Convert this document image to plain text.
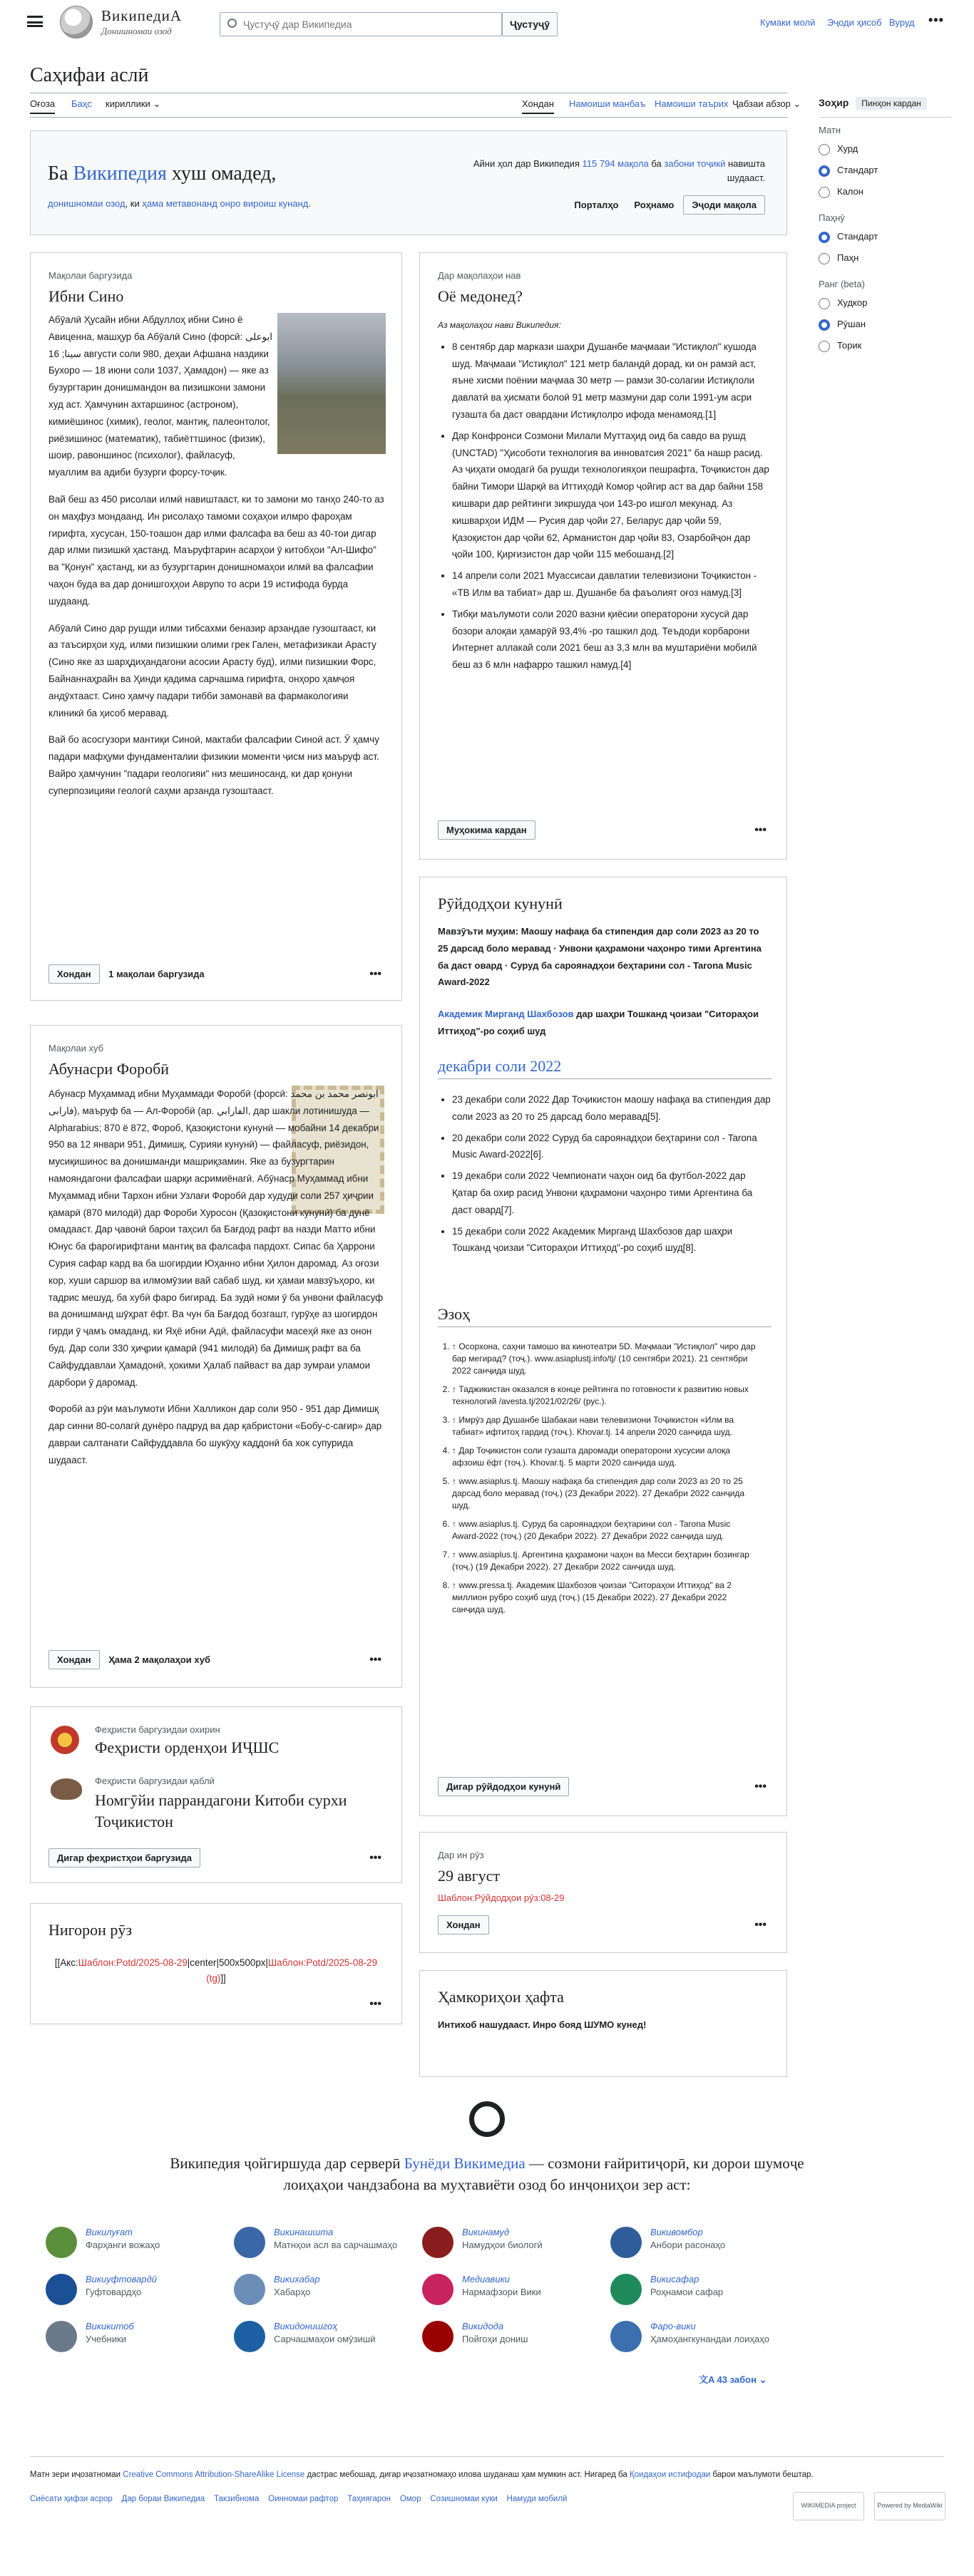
ВикипедиА
Донишномаи озод
Ҷустуҷӯ дар Википедиа
Ҷустуҷӯ	Кумаки молӣ Эҷоди ҳисоб Вуруд •••
Саҳифаи аслӣ
Оғоза Баҳс кириллики ⌄	Хондан Намоиши манбаъ Намоиши таърих Ҷабзаи абзор ⌄
Ба Википедия хуш омадед,
донишномаи озод, ки ҳама метавонанд онро вироиш кунанд.
Айни ҳол дар Википедия 115 794 мақола ба забони тоҷикӣ навишта шудааст.
Порталҳо Роҳнамо Эҷоди мақола
Мақолаи баргузида
Ибни Сино

Абӯалӣ Ҳусайн ибни Абдуллоҳ ибни Сино ё Авиценна, машҳур ба Абӯалӣ Сино (форсӣ: ابوعلی سینا; 16 августи соли 980, деҳаи Афшана наздики Бухоро — 18 июни соли 1037, Ҳамадон) — яке аз бузургтарин донишмандон ва пизишкони замони худ аст. Ҳамчунин ахтаршинос (астроном), кимиёшинос (химик), геолог, мантиқ, палеонтолог, риёзишинос (математик), табиёттшинос (физик), шоир, равоншинос (психолог), файласуф, муаллим ва адиби бузурги форсу-тоҷик.

Вай беш аз 450 рисолаи илмӣ навиштааст, ки то замони мо танҳо 240-то аз он маҳфуз мондаанд. Ин рисолаҳо тамоми соҳаҳои илмро фароҳам гирифта, хусусан, 150-тоашон дар илми фалсафа ва беш аз 40-тои дигар дар илми пизишкӣ ҳастанд. Маъруфтарин асарҳои ӯ китобҳои "Ал-Шифо" ва "Қонун" ҳастанд, ки аз бузургтарин донишномаҳои илмӣ ва фалсафии чаҳон буда ва дар донишгоҳҳои Аврупо то асри 19 истифода бурда шудаанд.

Абӯалӣ Сино дар рушди илми тибсахми беназир арзандае гузоштааст, ки аз таъсирҳои худ, илми пизишкии олими грек Гален, метафизикаи Арасту (Сино яке аз шарҳдиҳандагони асосии Арасту буд), илми пизишкии Форс, Байнаннаҳрайн ва Ҳинди қадима сарчашма гирифта, онҳоро ҳамҷоя андӯхтааст. Сино ҳамчу падари тибби замонавӣ ва фармакологияи клиникӣ ба ҳисоб меравад.

Вай бо асосгузори мантиқи Синоӣ, мактаби фалсафии Синоӣ аст. Ӯ ҳамчу падари мафҳуми фундаменталии физикии моменти ҷисм низ маъруф аст. Вайро ҳамчунин "падари геологияи" низ мешиносанд, ки дар қонуни суперпозицияи геологӣ саҳми арзанда гузоштааст.

Хондан 1 мақолаи баргузида	•••
Мақолаи хуб
Абунасри Форобӣ

Абунаср Муҳаммад ибни Муҳаммади Форобӣ (форсӣ: ابونصر محمد بن محمد فارابی), маъруф ба — Ал-Форобӣ (ар. الفارابي, дар шакли лотинишуда — Alpharabius; 870 ё 872, Фороб, Қазоқистони кунунӣ — мобайни 14 декабри 950 ва 12 январи 951, Димишқ, Сурияи кунунӣ) — файласуф, риёзидон, мусиқишинос ва донишманди машриқзамин. Яке аз бузургтарин намояндагони фалсафаи шарқи асримиёнагӣ. Абӯнаср Муҳаммад ибни Муҳаммад ибни Тархон ибни Узлағи Форобӣ дар худуди соли 257 ҳиҷрии қамарӣ (870 милодӣ) дар Фороби Хуросон (Қазоқистони кунунӣ) ба дунё омадааст. Дар ҷавонӣ барои таҳсил ба Бағдод рафт ва назди Матто ибни Юнус ба фарогирифтани мантиқ ва фалсафа пардохт. Сипас ба Ҳаррони Сурия сафар кард ва ба шогирдии Юҳанно ибни Ҳилон даромад. Аз оғози кор, хуши саршор ва илмомӯзии вай сабаб шуд, ки ҳамаи мавзӯъҳоро, ки тадрис мешуд, ба хубӣ фаро бигирад. Ба зудӣ номи ӯ ба унвони файласуф ва донишманд шӯҳрат ёфт. Ва чун ба Бағдод бозгашт, гурӯҳе аз шогирдон гирди ӯ ҷамъ омаданд, ки Яҳё ибни Адӣ, файласуфи масеҳӣ яке аз онон буд. Дар соли 330 ҳиҷрии қамарӣ (941 милодӣ) ба Димишқ рафт ва ба Сайфуддавлаи Ҳамадонӣ, ҳокими Ҳалаб пайваст ва дар зумраи уламои дарбори ӯ даромад.

Форобӣ аз рӯи маълумоти Ибни Халликон дар соли 950 - 951 дар Димишқ дар синни 80-солагӣ дунёро падруд ва дар қабристони «Бобу-с-сағир» дар давраи салтанати Сайфуддавла бо шукӯҳу каддонӣ ба хок супурида шудааст.

Хондан Ҳама 2 мақолаҳои хуб	•••
Феҳристи баргузидаи охирин
Феҳристи орденҳои ИҶШС
Феҳристи баргузидаи қаблӣ
Номгӯйи паррандагони Китоби сурхи Тоҷикистон
Дигар феҳристҳои баргузида	•••
Нигорон рӯз
[[Акс:Шаблон:Potd/2025-08-29|center|500x500px|Шаблон:Potd/2025-08-29 (tg)]]
•••
Дар мақолаҳои нав
Оё медонед?

Аз мақолаҳои нави Википедия:

• 8 сентябр дар маркази шаҳри Душанбе маҷмааи "Истиқлол" кушода шуд. Маҷмааи "Истиқлол" 121 метр баландӣ дорад, ки он рамзӣ аст, яъне хисми поёнии маҷмаа 30 метр — рамзи 30-солагии Истиқлоли давлатӣ ва ҳисмати болоӣ 91 метр мазмуни дар соли 1991-ум асри гузашта ба даст овардани Истиқлолро ифода менамояд.[1]
• Дар Конфронси Созмони Милали Муттаҳид оид ба савдо ва рушд (UNCTAD) "Ҳисоботи технология ва инноватсия 2021" ба нашр расид. Аз ҷиҳати омодагӣ ба рушди технологияҳои пешрафта, Тоҷикистон дар байни Тимори Шарқӣ ва Иттиҳодӣ Комор ҷойгир аст ва дар байни 158 кишвари дар рейтинги зикршуда ҷои 143-ро ишғол мекунад. Аз кишварҳои ИДМ — Русия дар ҷойи 27, Беларус дар ҷойи 59, Қазоқистон дар ҷойи 62, Арманистон дар ҷойи 83, Озарбойҷон дар ҷойи 100, Қирғизистон дар ҷойи 115 мебошанд.[2]
• 14 апрели соли 2021 Муассисаи давлатии телевизиони Тоҷикистон - «ТВ Илм ва табиат» дар ш. Душанбе ба фаъолият оғоз намуд.[3]
• Тибқи маълумоти соли 2020 вазни қиёсии операторони хусусӣ дар бозори алоқаи ҳамарӯй 93,4% -ро ташкил дод. Теъдоди корбарони Интернет аллакай соли 2021 беш аз 3,3 млн ва муштариёни мобилӣ беш аз 6 млн нафарро ташкил намуд.[4]
Муҳокима кардан	•••
Рӯйдодҳои кунунӣ
Мавзӯъти муҳим: Маошу нафақа ба стипендия дар соли 2023 аз 20 то 25 дарсад боло меравад · Унвони қаҳрамони чаҳонро тими Аргентина ба даст овард · Суруд ба сароянадҳои беҳтарини сол - Tarona Music Award-2022
Академик Мирганд Шахбозов дар шаҳри Тошканд ҷоизаи "Ситораҳои Иттиҳод"-ро соҳиб шуд
декабри соли 2022
• 23 декабри соли 2022 Дар Тоҷикистон маошу нафақа ва стипендия дар соли 2023 аз 20 то 25 дарсад боло меравад[5].
• 20 декабри соли 2022 Суруд ба сароянадҳои беҳтарини сол - Tarona Music Award-2022[6].
• 19 декабри соли 2022 Чемпионати чаҳон оид ба футбол-2022 дар Қатар ба охир расид Унвони қаҳрамони чаҳонро тими Аргентина ба даст овард[7].
• 15 декабри соли 2022 Академик Мирганд Шахбозов дар шаҳри Тошканд ҷоизаи "Ситораҳои Иттиҳод"-ро соҳиб шуд[8].
Эзоҳ
1. ↑ Осорхона, саҳни тамошо ва кинотеатри 5D. Маҷмааи "Истиқлол" чиро дар бар мегирад? (тоҷ.). www.asiaplustj.info/tj/ (10 сентябри 2021). 21 сентябри 2022 санҷида шуд.
2. ↑ Таджикистан оказался в конце рейтинга по готовности к развитию новых технологий /avesta.tj/2021/02/26/ (рус.).
3. ↑ Имрӯз дар Душанбе Шабакаи нави телевизиони Тоҷикистон «Илм ва табиат» ифтитоҳ гардид (тоҷ.). Khovar.tj. 14 апрели 2020 санҷида шуд.
4. ↑ Дар Тоҷикистон соли гузашта даромади операторони хусусии алоқа афзоиш ёфт (тоҷ.). Khovar.tj. 5 марти 2020 санҷида шуд.
5. ↑ www.asiaplus.tj. Маошу нафақа ба стипендия дар соли 2023 аз 20 то 25 дарсад боло меравад (тоҷ.) (23 Декабри 2022). 27 Декабри 2022 санҷида шуд.
6. ↑ www.asiaplus.tj. Суруд ба сароянадҳои беҳтарини сол - Tarona Music Award-2022 (тоҷ.) (20 Декабри 2022). 27 Декабри 2022 санҷида шуд.
7. ↑ www.asiaplus.tj. Аргентина қаҳрамони чаҳон ва Месси беҳтарин бозингар (тоҷ.) (19 Декабри 2022). 27 Декабри 2022 санҷида шуд.
8. ↑ www.pressa.tj. Академик Шахбозов ҷоизаи "Ситораҳои Иттиҳод" ва 2 миллион рубро соҳиб шуд (тоҷ.) (15 Декабри 2022). 27 Декабри 2022 санҷида шуд.
Дигар рӯйдодҳои кунунӣ	•••
Дар ин рӯз
29 август
Шаблон:Рӯйдодҳои рӯз:08-29
Хондан	•••
Ҳамкориҳои ҳафта
Интихоб нашудааст. Инро бояд ШУМО кунед!
Зоҳир Пинҳон кардан
Матн
Хурд
Стандарт
Калон
Паҳнӯ
Стандарт
Паҳн
Ранг (beta)
Худкор
Рӯшан
Торик
Википедия ҷойгиршуда дар серверӣ Бунёди Викимедиа — созмони ғайритиҷорӣ, ки дорои шумоҷе лоиҳаҳои чандзабона ва муҳтавиёти озод бо инҷониҳои зер аст:
Викилуғат
Фарҳанги вожаҳо
Викинашшта
Матнҳои асл ва сарчашмаҳо
Викинамуд
Намудҳои биологӣ
Викивомбор
Анбори расонаҳо
Викиуфтовардӣ
Гуфтовардҳо
Викихабар
Хабарҳо
Медиавики
Нармафзори Вики
Викисафар
Роҳнамои сафар
Викикитоб
Учебники
Викидонишгоҳ
Сарчашмаҳои омӯзишӣ
Викидода
Пойгоҳи дониш
Фаро-вики
Ҳамоҳангкунандаи лоиҳаҳо
文A 43 забон ⌄
Матн зери иҷозатномаи Creative Commons Attribution-ShareAlike License дастрас мебошад, дигар иҷозатномаҳо илова шуданаш ҳам мумкин аст. Нигаред ба Қоидаҳои истифодаи барои маълумоти бештар.
Сиёсати ҳифзи асрор Дар бораи Википедиа Такзибнома Оинномаи рафтор Таҳиягарон Омор Созишномаи куки Намуди мобилӣ
WIKIMEDIA project	Powered by MediaWiki
